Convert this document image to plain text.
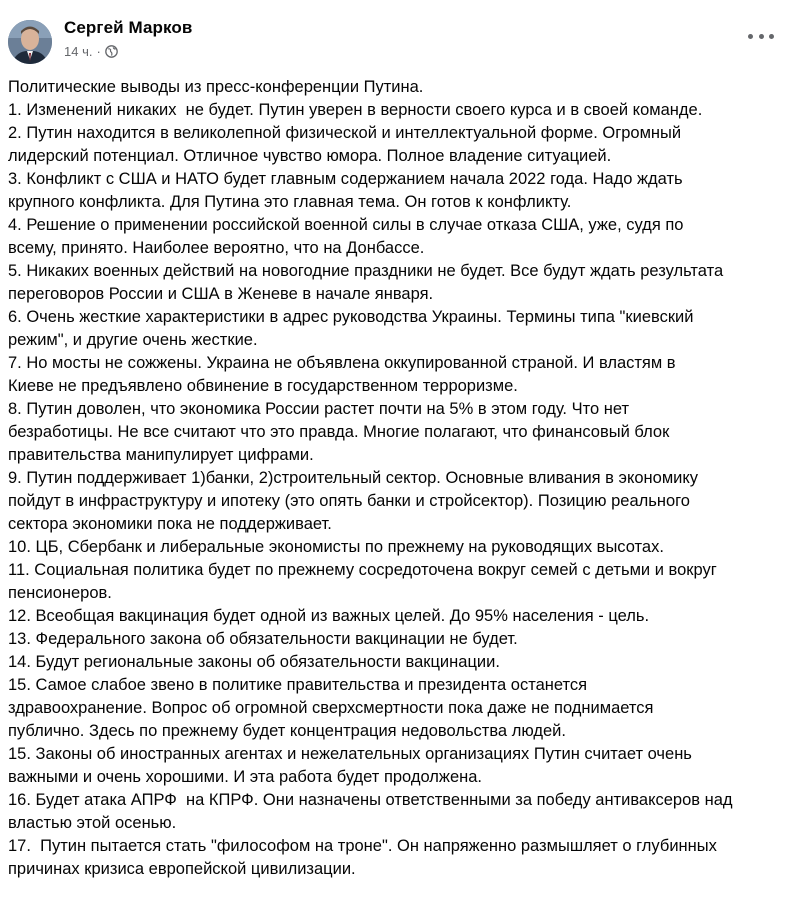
Сергей Марков
14 ч. ·
Политические выводы из пресс-конференции Путина.
1. Изменений никаких  не будет. Путин уверен в верности своего курса и в своей команде.
2. Путин находится в великолепной физической и интеллектуальной форме. Огромный
лидерский потенциал. Отличное чувство юмора. Полное владение ситуацией.
3. Конфликт с США и НАТО будет главным содержанием начала 2022 года. Надо ждать
крупного конфликта. Для Путина это главная тема. Он готов к конфликту.
4. Решение о применении российской военной силы в случае отказа США, уже, судя по
всему, принято. Наиболее вероятно, что на Донбассе.
5. Никаких военных действий на новогодние праздники не будет. Все будут ждать результата
переговоров России и США в Женеве в начале января.
6. Очень жесткие характеристики в адрес руководства Украины. Термины типа "киевский
режим", и другие очень жесткие.
7. Но мосты не сожжены. Украина не объявлена оккупированной страной. И властям в
Киеве не предъявлено обвинение в государственном терроризме.
8. Путин доволен, что экономика России растет почти на 5% в этом году. Что нет
безработицы. Не все считают что это правда. Многие полагают, что финансовый блок
правительства манипулирует цифрами.
9. Путин поддерживает 1)банки, 2)строительный сектор. Основные вливания в экономику
пойдут в инфраструктуру и ипотеку (это опять банки и стройсектор). Позицию реального
сектора экономики пока не поддерживает.
10. ЦБ, Сбербанк и либеральные экономисты по прежнему на руководящих высотах.
11. Социальная политика будет по прежнему сосредоточена вокруг семей с детьми и вокруг
пенсионеров.
12. Всеобщая вакцинация будет одной из важных целей. До 95% населения - цель.
13. Федерального закона об обязательности вакцинации не будет.
14. Будут региональные законы об обязательности вакцинации.
15. Самое слабое звено в политике правительства и президента останется
здравоохранение. Вопрос об огромной сверхсмертности пока даже не поднимается
публично. Здесь по прежнему будет концентрация недовольства людей.
15. Законы об иностранных агентах и нежелательных организациях Путин считает очень
важными и очень хорошими. И эта работа будет продолжена.
16. Будет атака АПРФ  на КПРФ. Они назначены ответственными за победу антиваксеров над
властью этой осенью.
17.  Путин пытается стать "философом на троне". Он напряженно размышляет о глубинных
причинах кризиса европейской цивилизации.
